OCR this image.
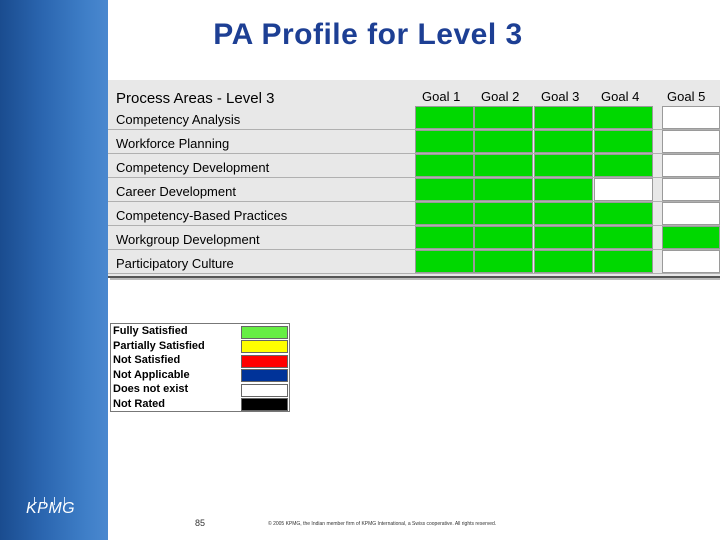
KPMG
PA Profile for Level 3
Process Areas - Level 3	Goal 1 Goal 2 Goal 3 Goal 4 Goal 5
Competency Analysis
Workforce Planning
Competency Development
Career Development
Competency-Based Practices
Workgroup Development
Participatory Culture
Fully Satisfied
Partially Satisfied
Not Satisfied
Not Applicable
Does not exist
Not Rated
85	© 2005 KPMG, the Indian member firm of KPMG International, a Swiss cooperative. All rights reserved.
